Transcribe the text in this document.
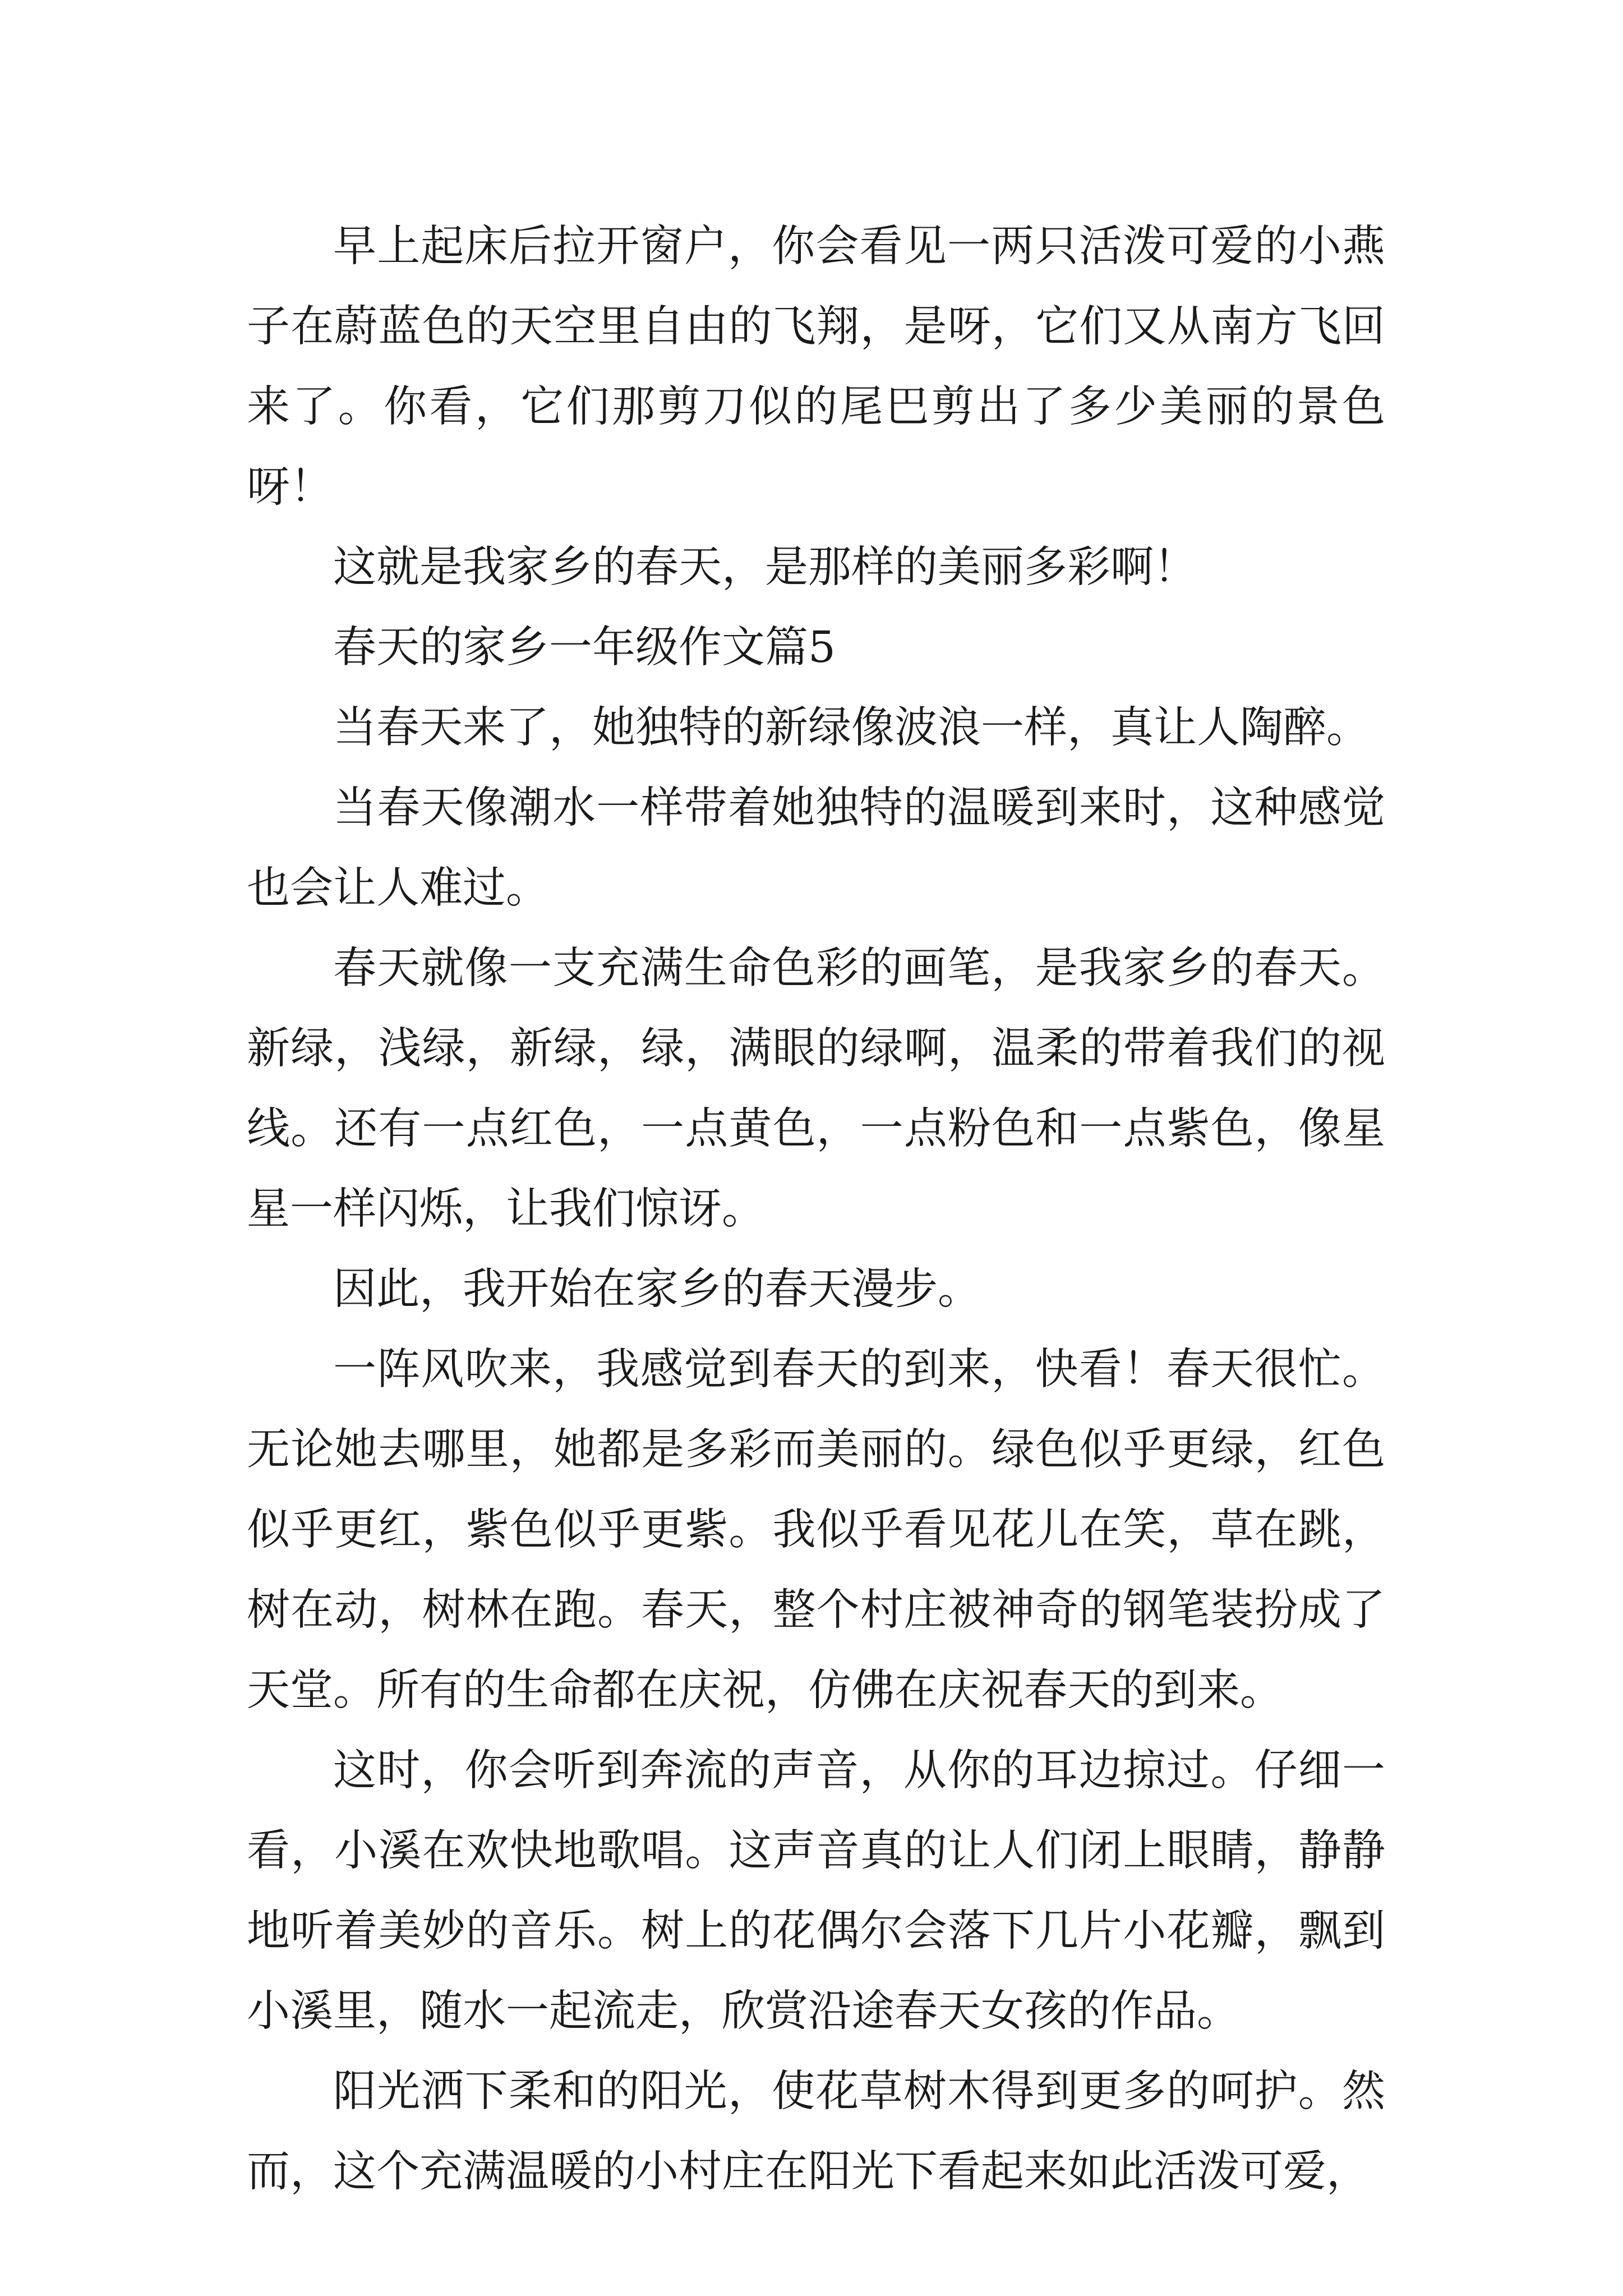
早上起床后拉开窗户，你会看见一两只活泼可爱的小燕子在蔚蓝色的天空里自由的飞翔，是呀，它们又从南方飞回来了。你看，它们那剪刀似的尾巴剪出了多少美丽的景色呀！

这就是我家乡的春天，是那样的美丽多彩啊！

春天的家乡一年级作文篇5

当春天来了，她独特的新绿像波浪一样，真让人陶醉。

当春天像潮水一样带着她独特的温暖到来时，这种感觉也会让人难过。

春天就像一支充满生命色彩的画笔，是我家乡的春天。新绿，浅绿，新绿，绿，满眼的绿啊，温柔的带着我们的视线。还有一点红色，一点黄色，一点粉色和一点紫色，像星星一样闪烁，让我们惊讶。

因此，我开始在家乡的春天漫步。

一阵风吹来，我感觉到春天的到来，快看！春天很忙。无论她去哪里，她都是多彩而美丽的。绿色似乎更绿，红色似乎更红，紫色似乎更紫。我似乎看见花儿在笑，草在跳，树在动，树林在跑。春天，整个村庄被神奇的钢笔装扮成了天堂。所有的生命都在庆祝，仿佛在庆祝春天的到来。

这时，你会听到奔流的声音，从你的耳边掠过。仔细一看，小溪在欢快地歌唱。这声音真的让人们闭上眼睛，静静地听着美妙的音乐。树上的花偶尔会落下几片小花瓣，飘到小溪里，随水一起流走，欣赏沿途春天女孩的作品。

阳光洒下柔和的阳光，使花草树木得到更多的呵护。然而，这个充满温暖的小村庄在阳光下看起来如此活泼可爱，
